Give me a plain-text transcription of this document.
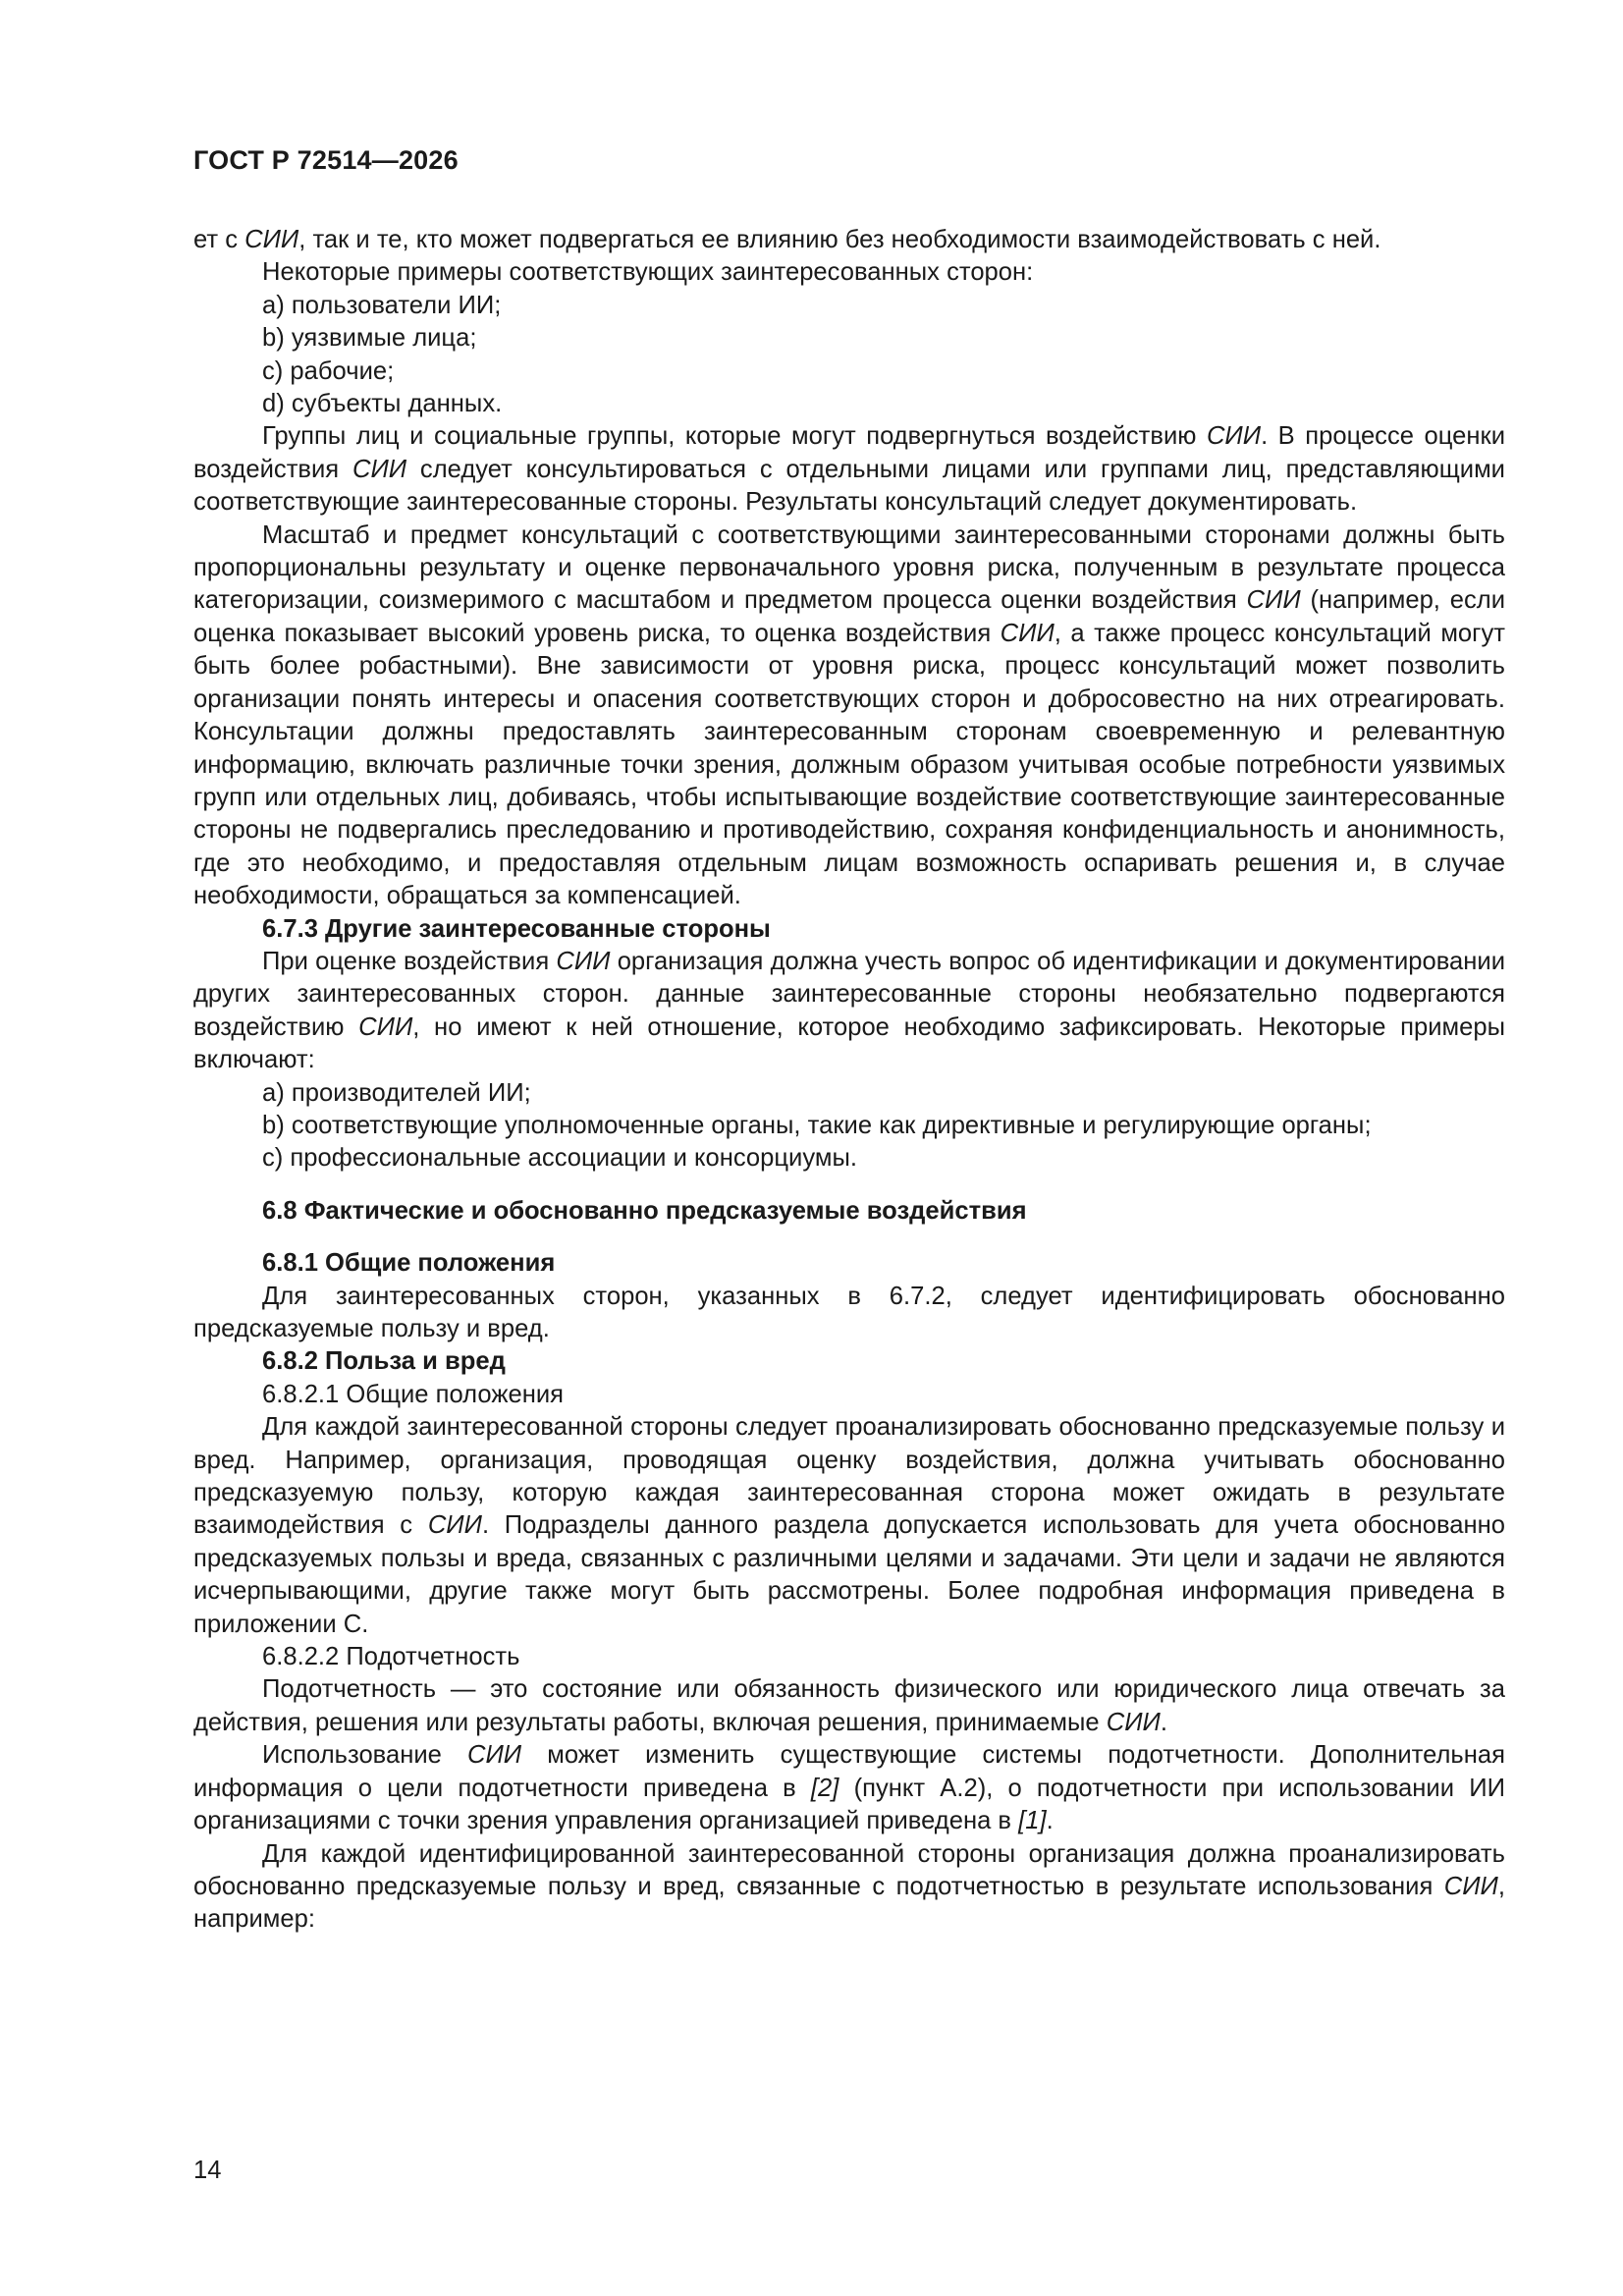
ГОСТ Р 72514—2026

ет с СИИ, так и те, кто может подвергаться ее влиянию без необходимости взаимодействовать с ней.

Некоторые примеры соответствующих заинтересованных сторон:

a) пользователи ИИ;

b) уязвимые лица;

c) рабочие;

d) субъекты данных.

Группы лиц и социальные группы, которые могут подвергнуться воздействию СИИ. В процессе оценки воздействия СИИ следует консультироваться с отдельными лицами или группами лиц, представляющими соответствующие заинтересованные стороны. Результаты консультаций следует документировать.

Масштаб и предмет консультаций с соответствующими заинтересованными сторонами должны быть пропорциональны результату и оценке первоначального уровня риска, полученным в результате процесса категоризации, соизмеримого с масштабом и предметом процесса оценки воздействия СИИ (например, если оценка показывает высокий уровень риска, то оценка воздействия СИИ, а также процесс консультаций могут быть более робастными). Вне зависимости от уровня риска, процесс консультаций может позволить организации понять интересы и опасения соответствующих сторон и добросовестно на них отреагировать. Консультации должны предоставлять заинтересованным сторонам своевременную и релевантную информацию, включать различные точки зрения, должным образом учитывая особые потребности уязвимых групп или отдельных лиц, добиваясь, чтобы испытывающие воздействие соответствующие заинтересованные стороны не подвергались преследованию и противодействию, сохраняя конфиденциальность и анонимность, где это необходимо, и предоставляя отдельным лицам возможность оспаривать решения и, в случае необходимости, обращаться за компенсацией.

6.7.3 Другие заинтересованные стороны

При оценке воздействия СИИ организация должна учесть вопрос об идентификации и документировании других заинтересованных сторон. данные заинтересованные стороны необязательно подвергаются воздействию СИИ, но имеют к ней отношение, которое необходимо зафиксировать. Некоторые примеры включают:

a) производителей ИИ;

b) соответствующие уполномоченные органы, такие как директивные и регулирующие органы;

c) профессиональные ассоциации и консорциумы.

6.8 Фактические и обоснованно предсказуемые воздействия

6.8.1 Общие положения

Для заинтересованных сторон, указанных в 6.7.2, следует идентифицировать обоснованно предсказуемые пользу и вред.

6.8.2 Польза и вред

6.8.2.1 Общие положения

Для каждой заинтересованной стороны следует проанализировать обоснованно предсказуемые пользу и вред. Например, организация, проводящая оценку воздействия, должна учитывать обоснованно предсказуемую пользу, которую каждая заинтересованная сторона может ожидать в результате взаимодействия с СИИ. Подразделы данного раздела допускается использовать для учета обоснованно предсказуемых пользы и вреда, связанных с различными целями и задачами. Эти цели и задачи не являются исчерпывающими, другие также могут быть рассмотрены. Более подробная информация приведена в приложении С.

6.8.2.2 Подотчетность

Подотчетность — это состояние или обязанность физического или юридического лица отвечать за действия, решения или результаты работы, включая решения, принимаемые СИИ.

Использование СИИ может изменить существующие системы подотчетности. Дополнительная информация о цели подотчетности приведена в [2] (пункт А.2), о подотчетности при использовании ИИ организациями с точки зрения управления организацией приведена в [1].

Для каждой идентифицированной заинтересованной стороны организация должна проанализировать обоснованно предсказуемые пользу и вред, связанные с подотчетностью в результате использования СИИ, например:

14
